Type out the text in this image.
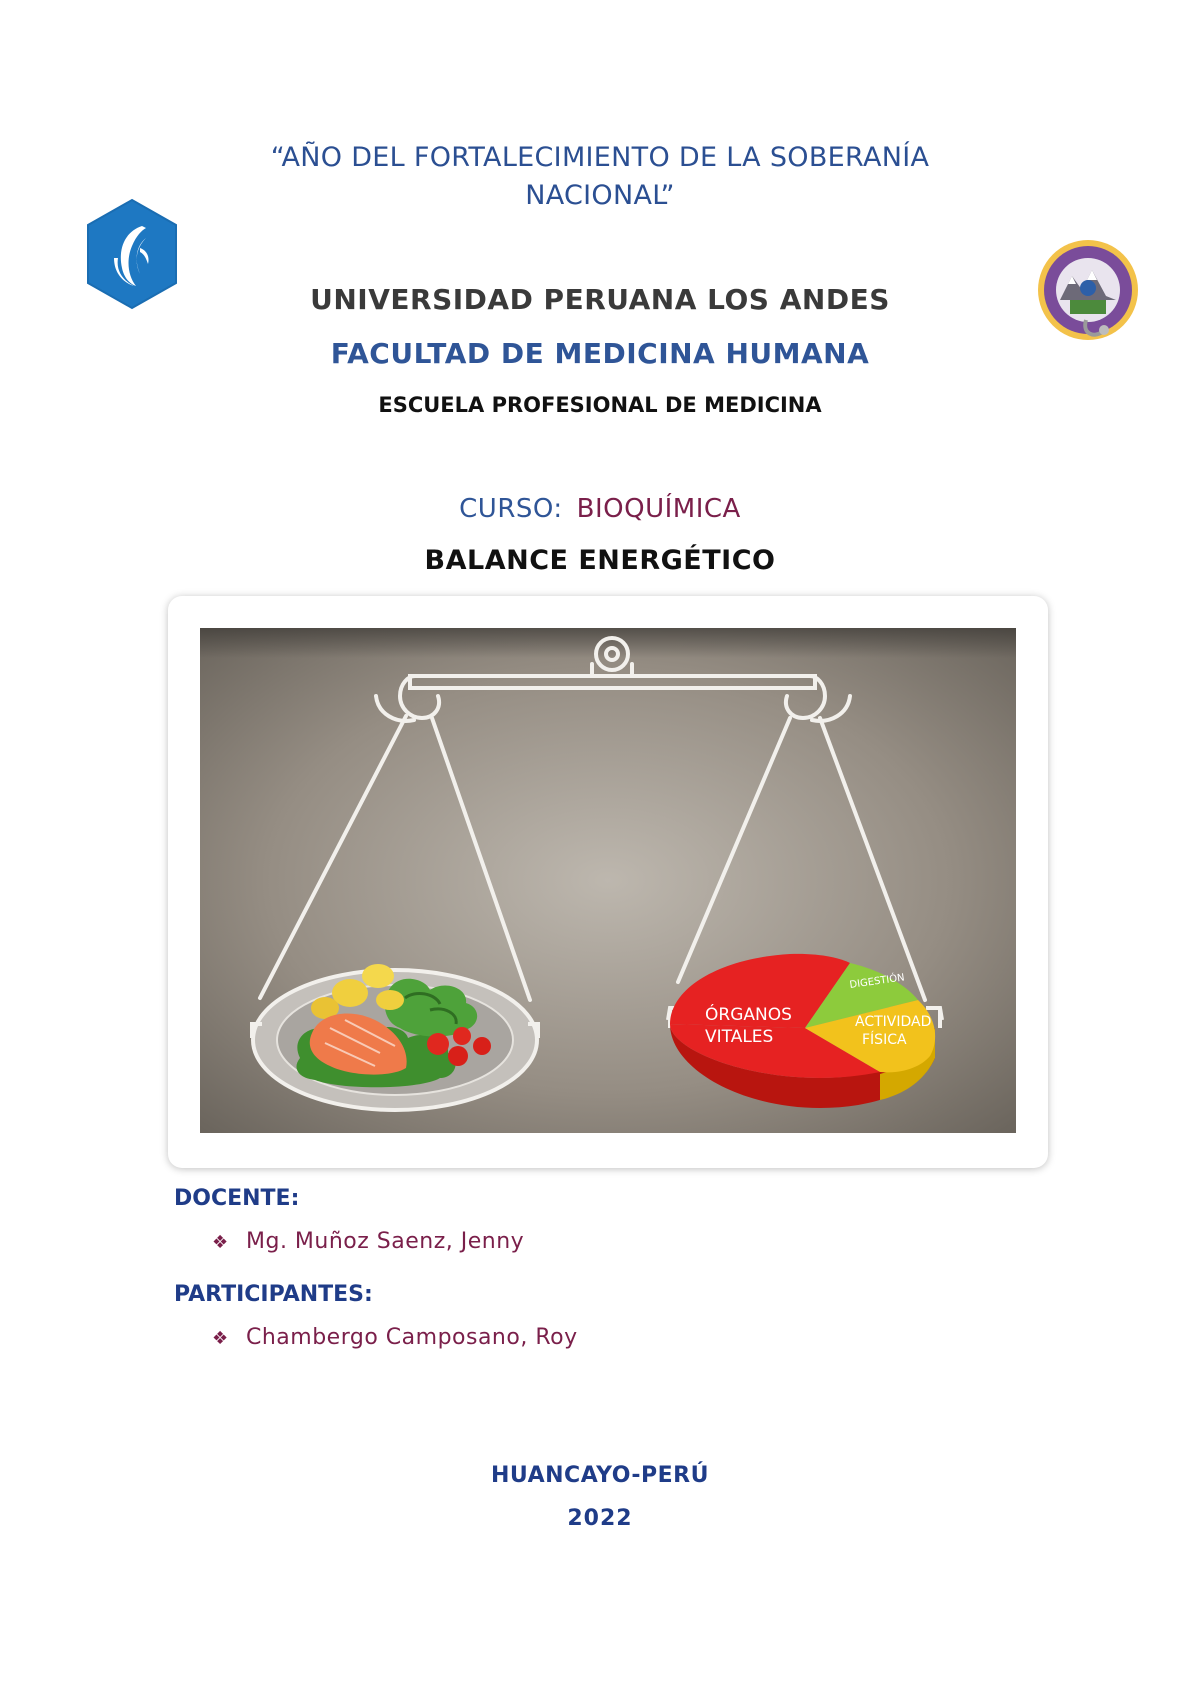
“AÑO DEL FORTALECIMIENTO DE LA SOBERANÍA
NACIONAL”
UNIVERSIDAD PERUANA LOS ANDES
FACULTAD DE MEDICINA HUMANA
ESCUELA PROFESIONAL DE MEDICINA
CURSO: BIOQUÍMICA
BALANCE ENERGÉTICO
ÓRGANOS
VITALES
DIGESTIÓN
ACTIVIDAD
FÍSICA
DOCENTE:
❖ Mg. Muñoz Saenz, Jenny
PARTICIPANTES:
❖ Chambergo Camposano, Roy
HUANCAYO-PERÚ
2022
